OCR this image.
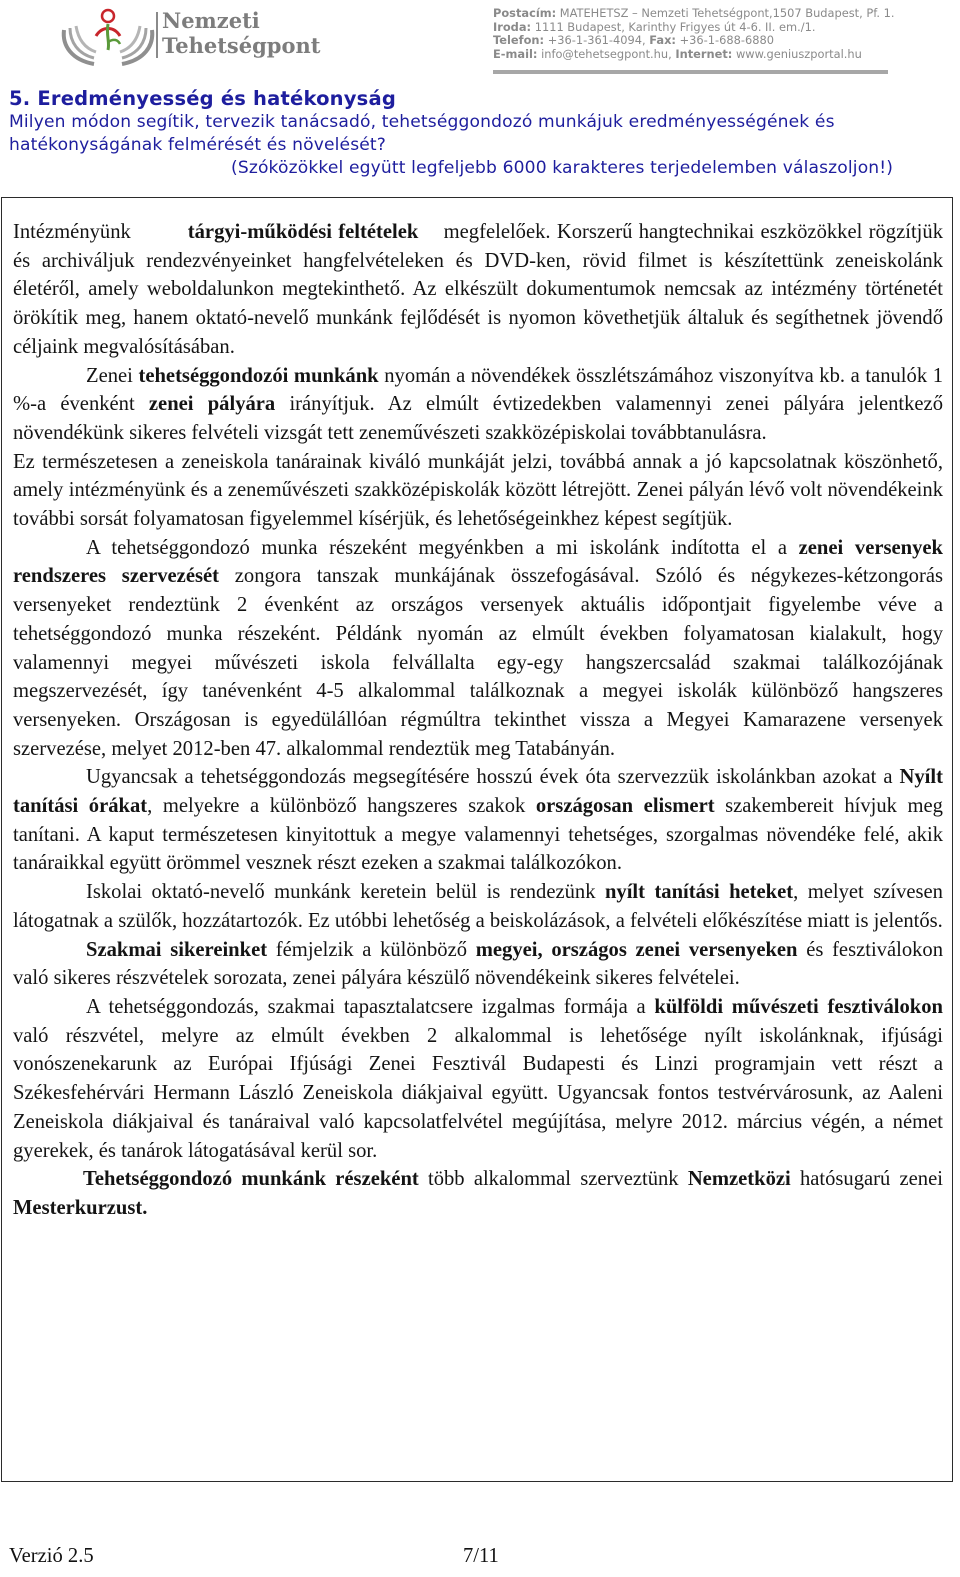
Nemzeti
Tehetségpont
Postacím: MATEHETSZ – Nemzeti Tehetségpont,1507 Budapest, Pf. 1.
Iroda: 1111 Budapest, Karinthy Frigyes út 4-6. II. em./1.
Telefon: +36-1-361-4094, Fax: +36-1-688-6880
E-mail: info@tehetsegpont.hu, Internet: www.geniuszportal.hu
5. Eredményesség és hatékonyság
Milyen módon segítik, tervezik tanácsadó, tehetséggondozó munkájuk eredményességének és
hatékonyságának felmérését és növelését?
(Szóközökkel együtt legfeljebb 6000 karakteres terjedelemben válaszoljon!)

Intézményünk	tárgyi-működési feltételek megfelelőek. Korszerű hangtechnikai eszközökkel rögzítjük és archiváljuk rendezvényeinket hangfelvételeken és DVD-ken, rövid filmet is készítettünk zeneiskolánk életéről, amely weboldalunkon megtekinthető. Az elkészült dokumentumok nemcsak az intézmény történetét örökítik meg, hanem oktató-nevelő munkánk fejlődését is nyomon követhetjük általuk és segíthetnek jövendő céljaink megvalósításában.

Zenei tehetséggondozói munkánk nyomán a növendékek összlétszámához viszonyítva kb. a tanulók 1 %-a évenként zenei pályára irányítjuk. Az elmúlt évtizedekben valamennyi zenei pályára jelentkező növendékünk sikeres felvételi vizsgát tett zeneművészeti szakközépiskolai továbbtanulásra.

Ez természetesen a zeneiskola tanárainak kiváló munkáját jelzi, továbbá annak a jó kapcsolatnak köszönhető, amely intézményünk és a zeneművészeti szakközépiskolák között létrejött. Zenei pályán lévő volt növendékeink további sorsát folyamatosan figyelemmel kísérjük, és lehetőségeinkhez képest segítjük.

A tehetséggondozó munka részeként megyénkben a mi iskolánk indította el a zenei versenyek rendszeres szervezését zongora tanszak munkájának összefogásával. Szóló és négykezes-kétzongorás versenyeket rendeztünk 2 évenként az országos versenyek aktuális időpontjait figyelembe véve a tehetséggondozó munka részeként. Példánk nyomán az elmúlt években folyamatosan kialakult, hogy valamennyi megyei művészeti iskola felvállalta egy-egy hangszercsalád szakmai találkozójának megszervezését, így tanévenként 4-5 alkalommal találkoznak a megyei iskolák különböző hangszeres versenyeken. Országosan is egyedülállóan régmúltra tekinthet vissza a Megyei Kamarazene versenyek szervezése, melyet 2012-ben 47. alkalommal rendeztük meg Tatabányán.

Ugyancsak a tehetséggondozás megsegítésére hosszú évek óta szervezzük iskolánkban azokat a Nyílt tanítási órákat, melyekre a különböző hangszeres szakok országosan elismert szakembereit hívjuk meg tanítani. A kaput természetesen kinyitottuk a megye valamennyi tehetséges, szorgalmas növendéke felé, akik tanáraikkal együtt örömmel vesznek részt ezeken a szakmai találkozókon.

Iskolai oktató-nevelő munkánk keretein belül is rendezünk nyílt tanítási heteket, melyet szívesen látogatnak a szülők, hozzátartozók. Ez utóbbi lehetőség a beiskolázások, a felvételi előkészítése miatt is jelentős.

Szakmai sikereinket fémjelzik a különböző megyei, országos zenei versenyeken és fesztiválokon való sikeres részvételek sorozata, zenei pályára készülő növendékeink sikeres felvételei.

A tehetséggondozás, szakmai tapasztalatcsere izgalmas formája a külföldi művészeti fesztiválokon való részvétel, melyre az elmúlt években 2 alkalommal is lehetősége nyílt iskolánknak, ifjúsági vonószenekarunk az Európai Ifjúsági Zenei Fesztivál Budapesti és Linzi programjain vett részt a Székesfehérvári Hermann László Zeneiskola diákjaival együtt. Ugyancsak fontos testvérvárosunk, az Aaleni Zeneiskola diákjaival és tanáraival való kapcsolatfelvétel megújítása, melyre 2012. március végén, a német gyerekek, és tanárok látogatásával kerül sor.

Tehetséggondozó munkánk részeként több alkalommal szerveztünk Nemzetközi hatósugarú zenei Mesterkurzust.

Verzió 2.5	7/11
